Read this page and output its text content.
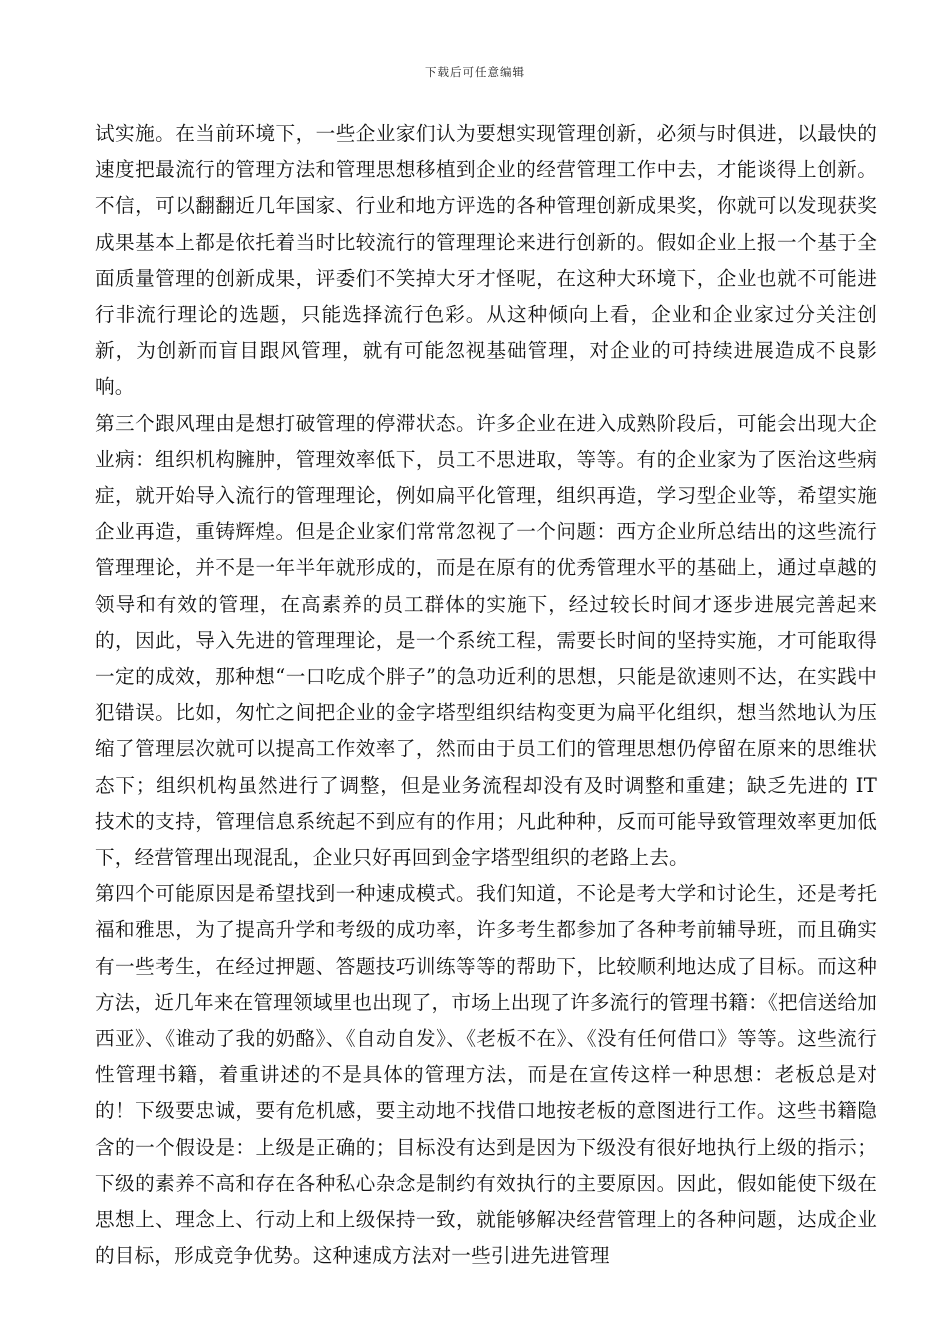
下载后可任意编辑

试实施。在当前环境下，一些企业家们认为要想实现管理创新，必须与时俱进，以最快的速度把最流行的管理方法和管理思想移植到企业的经营管理工作中去，才能谈得上创新。不信，可以翻翻近几年国家、行业和地方评选的各种管理创新成果奖，你就可以发现获奖成果基本上都是依托着当时比较流行的管理理论来进行创新的。假如企业上报一个基于全面质量管理的创新成果，评委们不笑掉大牙才怪呢，在这种大环境下，企业也就不可能进行非流行理论的选题，只能选择流行色彩。从这种倾向上看，企业和企业家过分关注创新，为创新而盲目跟风管理，就有可能忽视基础管理，对企业的可持续进展造成不良影响。

第三个跟风理由是想打破管理的停滞状态。许多企业在进入成熟阶段后，可能会出现大企业病：组织机构臃肿，管理效率低下，员工不思进取，等等。有的企业家为了医治这些病症，就开始导入流行的管理理论，例如扁平化管理，组织再造，学习型企业等，希望实施企业再造，重铸辉煌。但是企业家们常常忽视了一个问题：西方企业所总结出的这些流行管理理论，并不是一年半年就形成的，而是在原有的优秀管理水平的基础上，通过卓越的领导和有效的管理，在高素养的员工群体的实施下，经过较长时间才逐步进展完善起来的，因此，导入先进的管理理论，是一个系统工程，需要长时间的坚持实施，才可能取得一定的成效，那种想“一口吃成个胖子”的急功近利的思想，只能是欲速则不达，在实践中犯错误。比如，匆忙之间把企业的金字塔型组织结构变更为扁平化组织，想当然地认为压缩了管理层次就可以提高工作效率了，然而由于员工们的管理思想仍停留在原来的思维状态下；组织机构虽然进行了调整，但是业务流程却没有及时调整和重建；缺乏先进的 IT 技术的支持，管理信息系统起不到应有的作用；凡此种种，反而可能导致管理效率更加低下，经营管理出现混乱，企业只好再回到金字塔型组织的老路上去。

第四个可能原因是希望找到一种速成模式。我们知道，不论是考大学和讨论生，还是考托福和雅思，为了提高升学和考级的成功率，许多考生都参加了各种考前辅导班，而且确实有一些考生，在经过押题、答题技巧训练等等的帮助下，比较顺利地达成了目标。而这种方法，近几年来在管理领域里也出现了，市场上出现了许多流行的管理书籍：《把信送给加西亚》、《谁动了我的奶酪》、《自动自发》、《老板不在》、《没有任何借口》等等。这些流行性管理书籍，着重讲述的不是具体的管理方法，而是在宣传这样一种思想：老板总是对的！下级要忠诚，要有危机感，要主动地不找借口地按老板的意图进行工作。这些书籍隐含的一个假设是：上级是正确的；目标没有达到是因为下级没有很好地执行上级的指示；下级的素养不高和存在各种私心杂念是制约有效执行的主要原因。因此，假如能使下级在思想上、理念上、行动上和上级保持一致，就能够解决经营管理上的各种问题，达成企业的目标，形成竞争优势。这种速成方法对一些引进先进管理
